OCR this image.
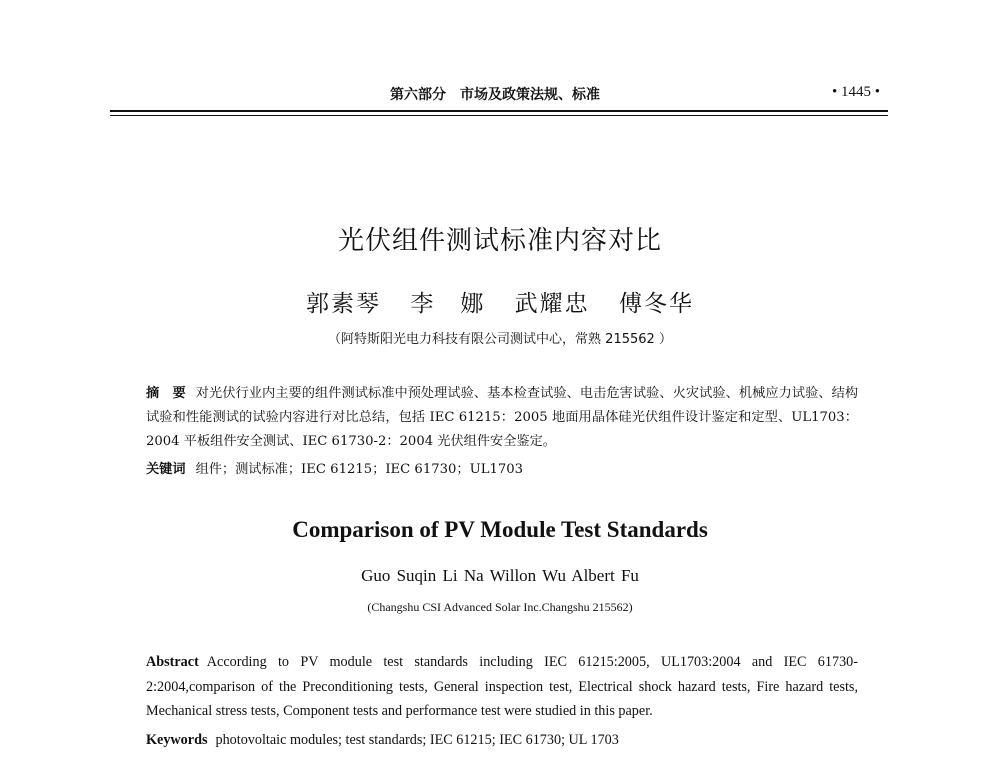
第六部分　市场及政策法规、标准	• 1445 •
光伏组件测试标准内容对比
郭素琴 李　娜 武耀忠 傅冬华
（阿特斯阳光电力科技有限公司测试中心，常熟 215562 ）
摘　要 对光伏行业内主要的组件测试标准中预处理试验、基本检查试验、电击危害试验、火灾试验、机械应力试验、结构试验和性能测试的试验内容进行对比总结，包括 IEC 61215：2005 地面用晶体硅光伏组件设计鉴定和定型、UL1703：2004 平板组件安全测试、IEC 61730-2：2004 光伏组件安全鉴定。
关键词 组件；测试标准；IEC 61215；IEC 61730；UL1703
Comparison of PV Module Test Standards
Guo Suqin Li Na Willon Wu Albert Fu
(Changshu CSI Advanced Solar Inc.Changshu 215562)
Abstract According to PV module test standards including IEC 61215:2005, UL1703:2004 and IEC 61730-2:2004,comparison of the Preconditioning tests, General inspection test, Electrical shock hazard tests, Fire hazard tests, Mechanical stress tests, Component tests and performance test were studied in this paper.
Keywords photovoltaic modules; test standards; IEC 61215; IEC 61730; UL 1703
